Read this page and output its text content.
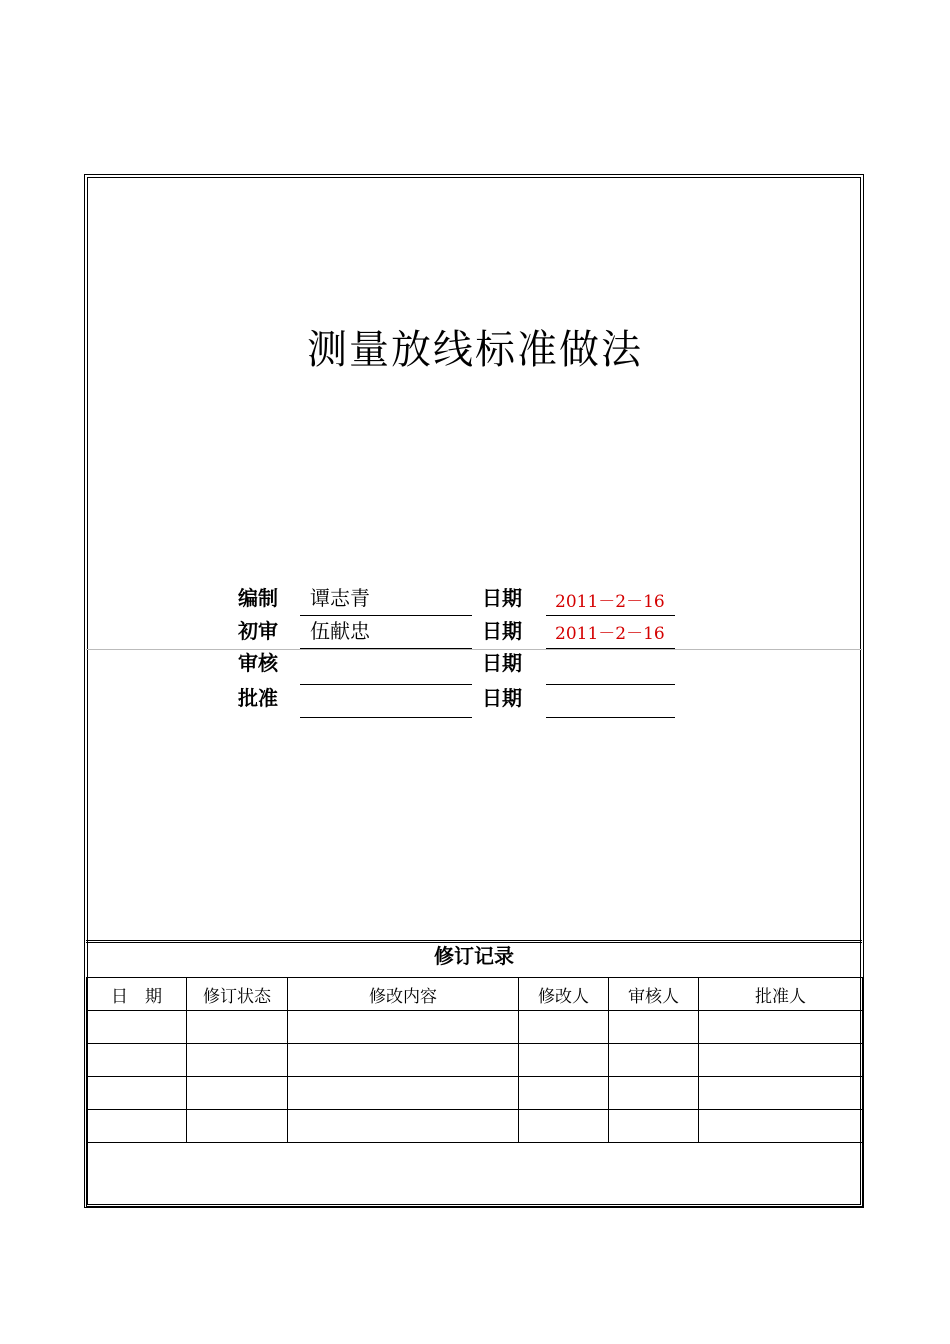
测量放线标准做法
编制 谭志青	日期 2011－2－16
初审 伍献忠	日期 2011－2－16
审核	日期
批准	日期
修订记录
日　期	修订状态	修改内容	修改人	审核人	批准人
